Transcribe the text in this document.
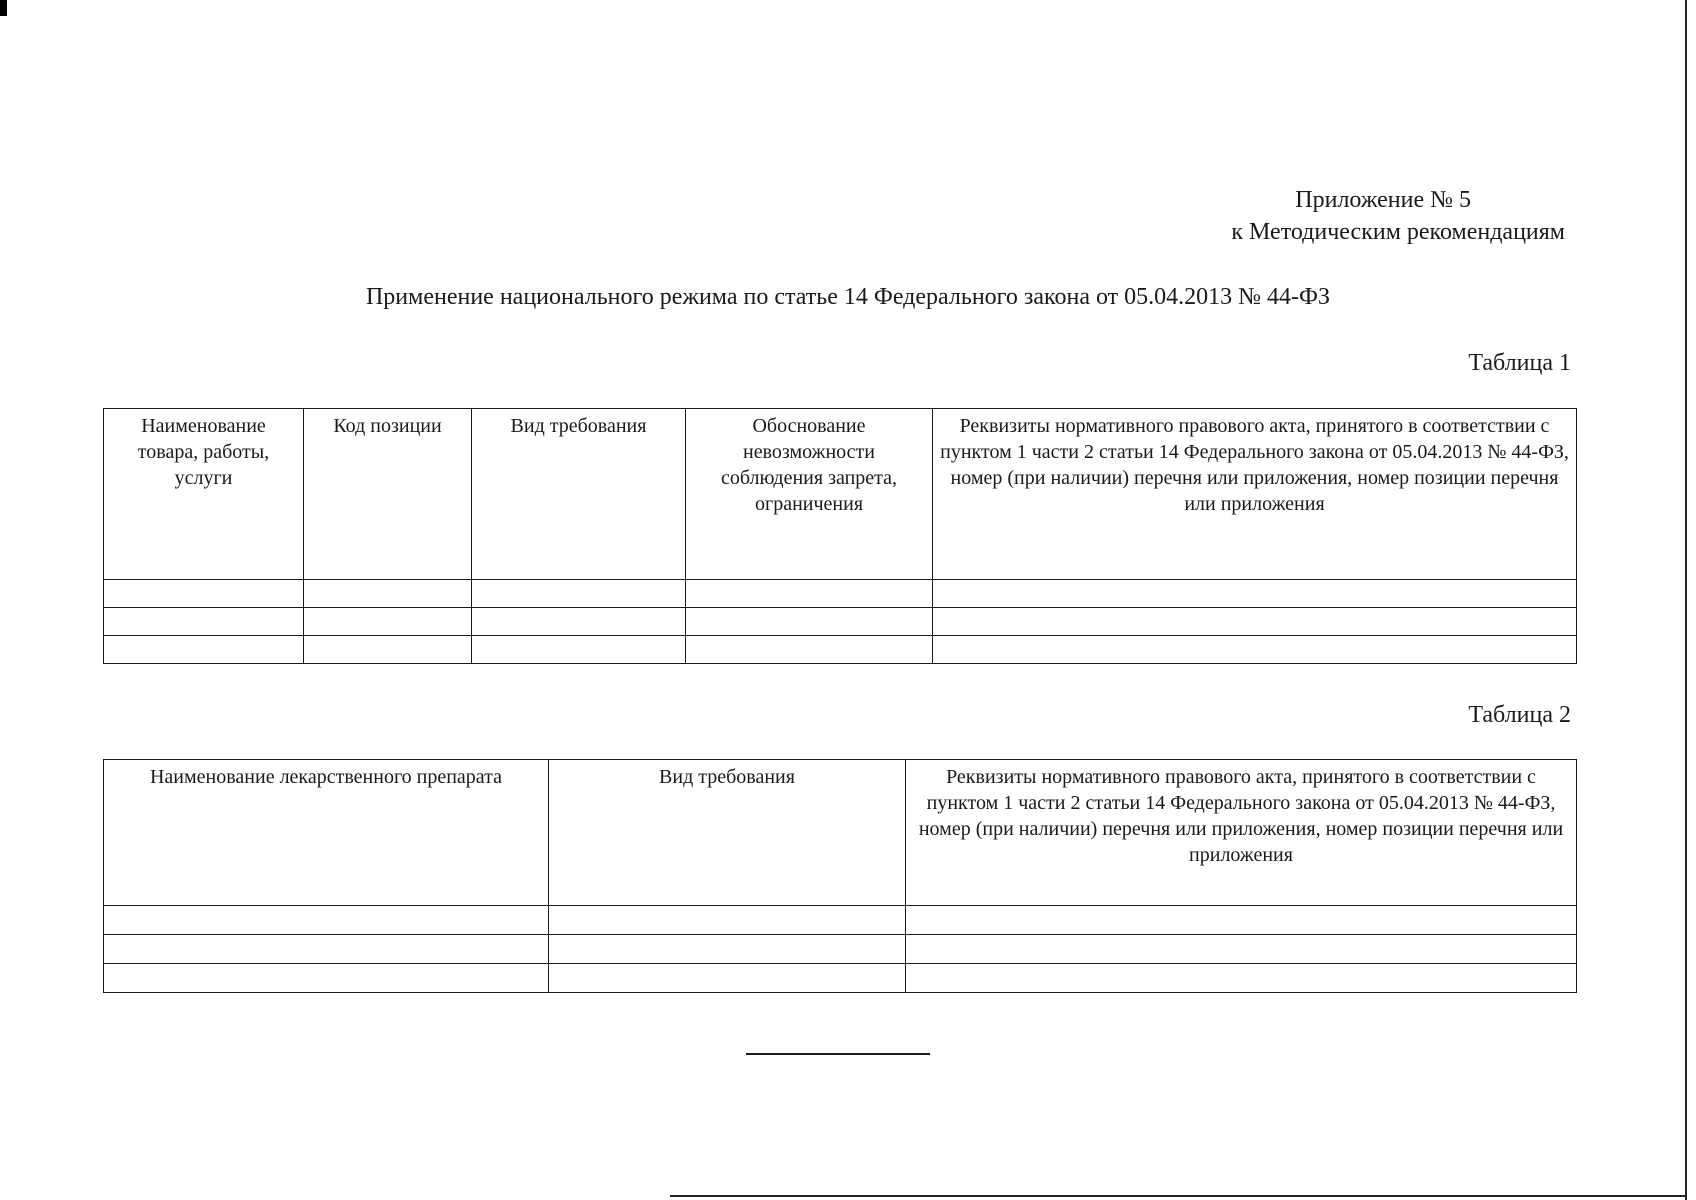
Приложение № 5
к Методическим рекомендациям
Применение национального режима по статье 14 Федерального закона от 05.04.2013 № 44-ФЗ
Таблица 1
Наименование товара, работы, услуги	Код позиции	Вид требования	Обоснование невозможности соблюдения запрета, ограничения	Реквизиты нормативного правового акта, принятого в соответствии с пунктом 1 части 2 статьи 14 Федерального закона от 05.04.2013 № 44-ФЗ, номер (при наличии) перечня или приложения, номер позиции перечня или приложения

Таблица 2
Наименование лекарственного препарата	Вид требования	Реквизиты нормативного правового акта, принятого в соответствии с пунктом 1 части 2 статьи 14 Федерального закона от 05.04.2013 № 44-ФЗ, номер (при наличии) перечня или приложения, номер позиции перечня или приложения
